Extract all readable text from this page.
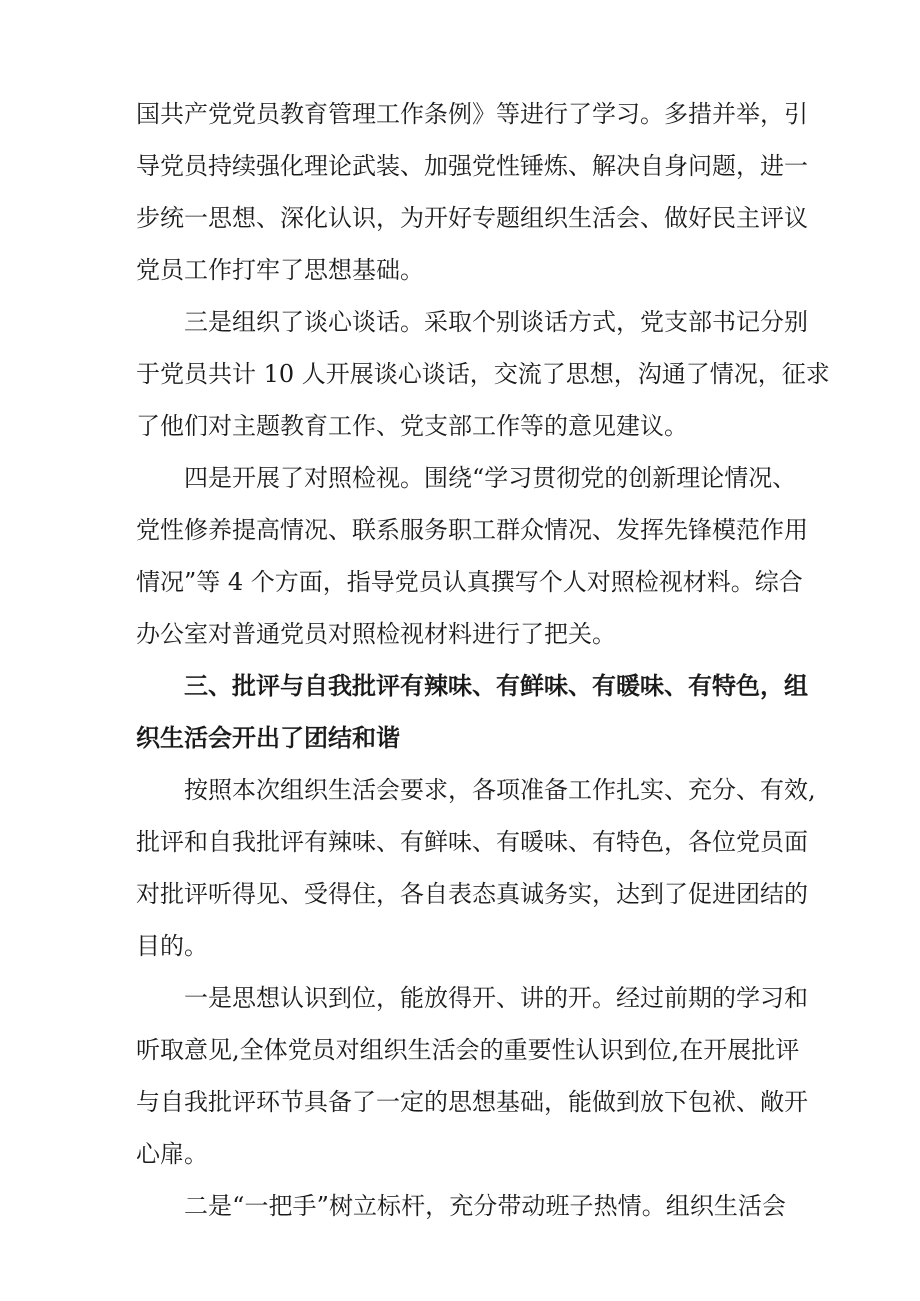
国共产党党员教育管理工作条例》等进行了学习。多措并举，引
导党员持续强化理论武装、加强党性锤炼、解决自身问题，进一
步统一思想、深化认识，为开好专题组织生活会、做好民主评议
党员工作打牢了思想基础。
三是组织了谈心谈话。采取个别谈话方式，党支部书记分别
于党员共计 10 人开展谈心谈话，交流了思想，沟通了情况，征求
了他们对主题教育工作、党支部工作等的意见建议。
四是开展了对照检视。围绕“学习贯彻党的创新理论情况、
党性修养提高情况、联系服务职工群众情况、发挥先锋模范作用
情况”等 4 个方面，指导党员认真撰写个人对照检视材料。综合
办公室对普通党员对照检视材料进行了把关。
三、批评与自我批评有辣味、有鲜味、有暖味、有特色，组
织生活会开出了团结和谐
按照本次组织生活会要求，各项准备工作扎实、充分、有效,
批评和自我批评有辣味、有鲜味、有暖味、有特色，各位党员面
对批评听得见、受得住，各自表态真诚务实，达到了促进团结的
目的。
一是思想认识到位，能放得开、讲的开。经过前期的学习和
听取意见,全体党员对组织生活会的重要性认识到位,在开展批评
与自我批评环节具备了一定的思想基础，能做到放下包袱、敞开
心扉。
二是“一把手”树立标杆，充分带动班子热情。组织生活会
